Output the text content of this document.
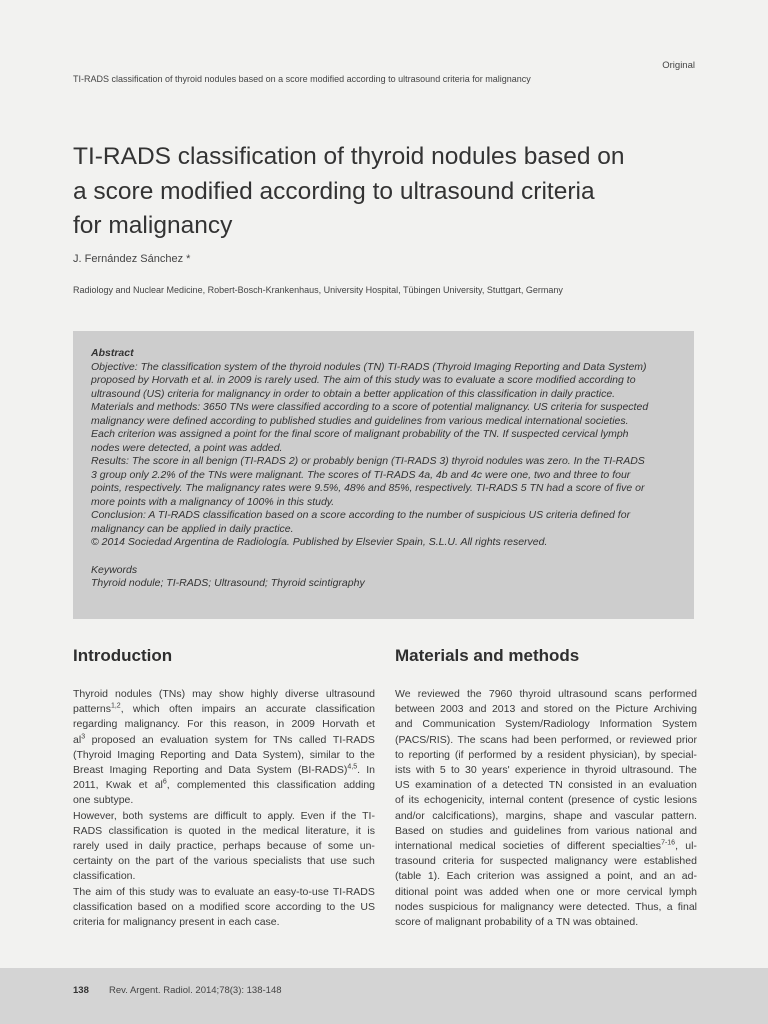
Original
TI-RADS classification of thyroid nodules based on a score modified according to ultrasound criteria for malignancy
TI-RADS classification of thyroid nodules based on
a score modified according to ultrasound criteria
for malignancy
J. Fernández Sánchez *
Radiology and Nuclear Medicine, Robert-Bosch-Krankenhaus, University Hospital, Tübingen University, Stuttgart, Germany
Abstract
Objective: The classification system of the thyroid nodules (TN) TI-RADS (Thyroid Imaging Reporting and Data System)
proposed by Horvath et al. in 2009 is rarely used. The aim of this study was to evaluate a score modified according to
ultrasound (US) criteria for malignancy in order to obtain a better application of this classification in daily practice.
Materials and methods: 3650 TNs were classified according to a score of potential malignancy. US criteria for suspected
malignancy were defined according to published studies and guidelines from various medical international societies.
Each criterion was assigned a point for the final score of malignant probability of the TN. If suspected cervical lymph
nodes were detected, a point was added.
Results: The score in all benign (TI-RADS 2) or probably benign (TI-RADS 3) thyroid nodules was zero. In the TI-RADS
3 group only 2.2% of the TNs were malignant. The scores of TI-RADS 4a, 4b and 4c were one, two and three to four
points, respectively. The malignancy rates were 9.5%, 48% and 85%, respectively. TI-RADS 5 TN had a score of five or
more points with a malignancy of 100% in this study.
Conclusion: A TI-RADS classification based on a score according to the number of suspicious US criteria defined for
malignancy can be applied in daily practice.
© 2014 Sociedad Argentina de Radiología. Published by Elsevier Spain, S.L.U. All rights reserved.
Keywords
Thyroid nodule; TI-RADS; Ultrasound; Thyroid scintigraphy
Introduction
Thyroid nodules (TNs) may show highly diverse ultrasound
patterns$^{1,2}$, which often impairs an accurate classification
regarding malignancy. For this reason, in 2009 Horvath et
$al^3$ proposed an evaluation system for TNs called TI-RADS
(Thyroid Imaging Reporting and Data System), similar to the
Breast Imaging Reporting and Data System (BI-RADS)$^{4,5}$. In
2011, Kwak et $al^6$, complemented this classification adding
one subtype.
However, both systems are difficult to apply. Even if the TI-
RADS classification is quoted in the medical literature, it is
rarely used in daily practice, perhaps because of some un-
certainty on the part of the various specialists that use such
classification.
The aim of this study was to evaluate an easy-to-use TI-RADS
classification based on a modified score according to the US
criteria for malignancy present in each case.
Materials and methods
We reviewed the 7960 thyroid ultrasound scans performed
between 2003 and 2013 and stored on the Picture Archiving
and Communication System/Radiology Information System
(PACS/RIS). The scans had been performed, or reviewed prior
to reporting (if performed by a resident physician), by special-
ists with 5 to 30 years' experience in thyroid ultrasound. The
US examination of a detected TN consisted in an evaluation
of its echogenicity, internal content (presence of cystic lesions
and/or calcifications), margins, shape and vascular pattern.
Based on studies and guidelines from various national and
international medical societies of different specialties$^{7-16}$, ul-
trasound criteria for suspected malignancy were established
(table 1). Each criterion was assigned a point, and an ad-
ditional point was added when one or more cervical lymph
nodes suspicious for malignancy were detected. Thus, a final
score of malignant probability of a TN was obtained.
138 Rev. Argent. Radiol. 2014;78(3): 138-148
